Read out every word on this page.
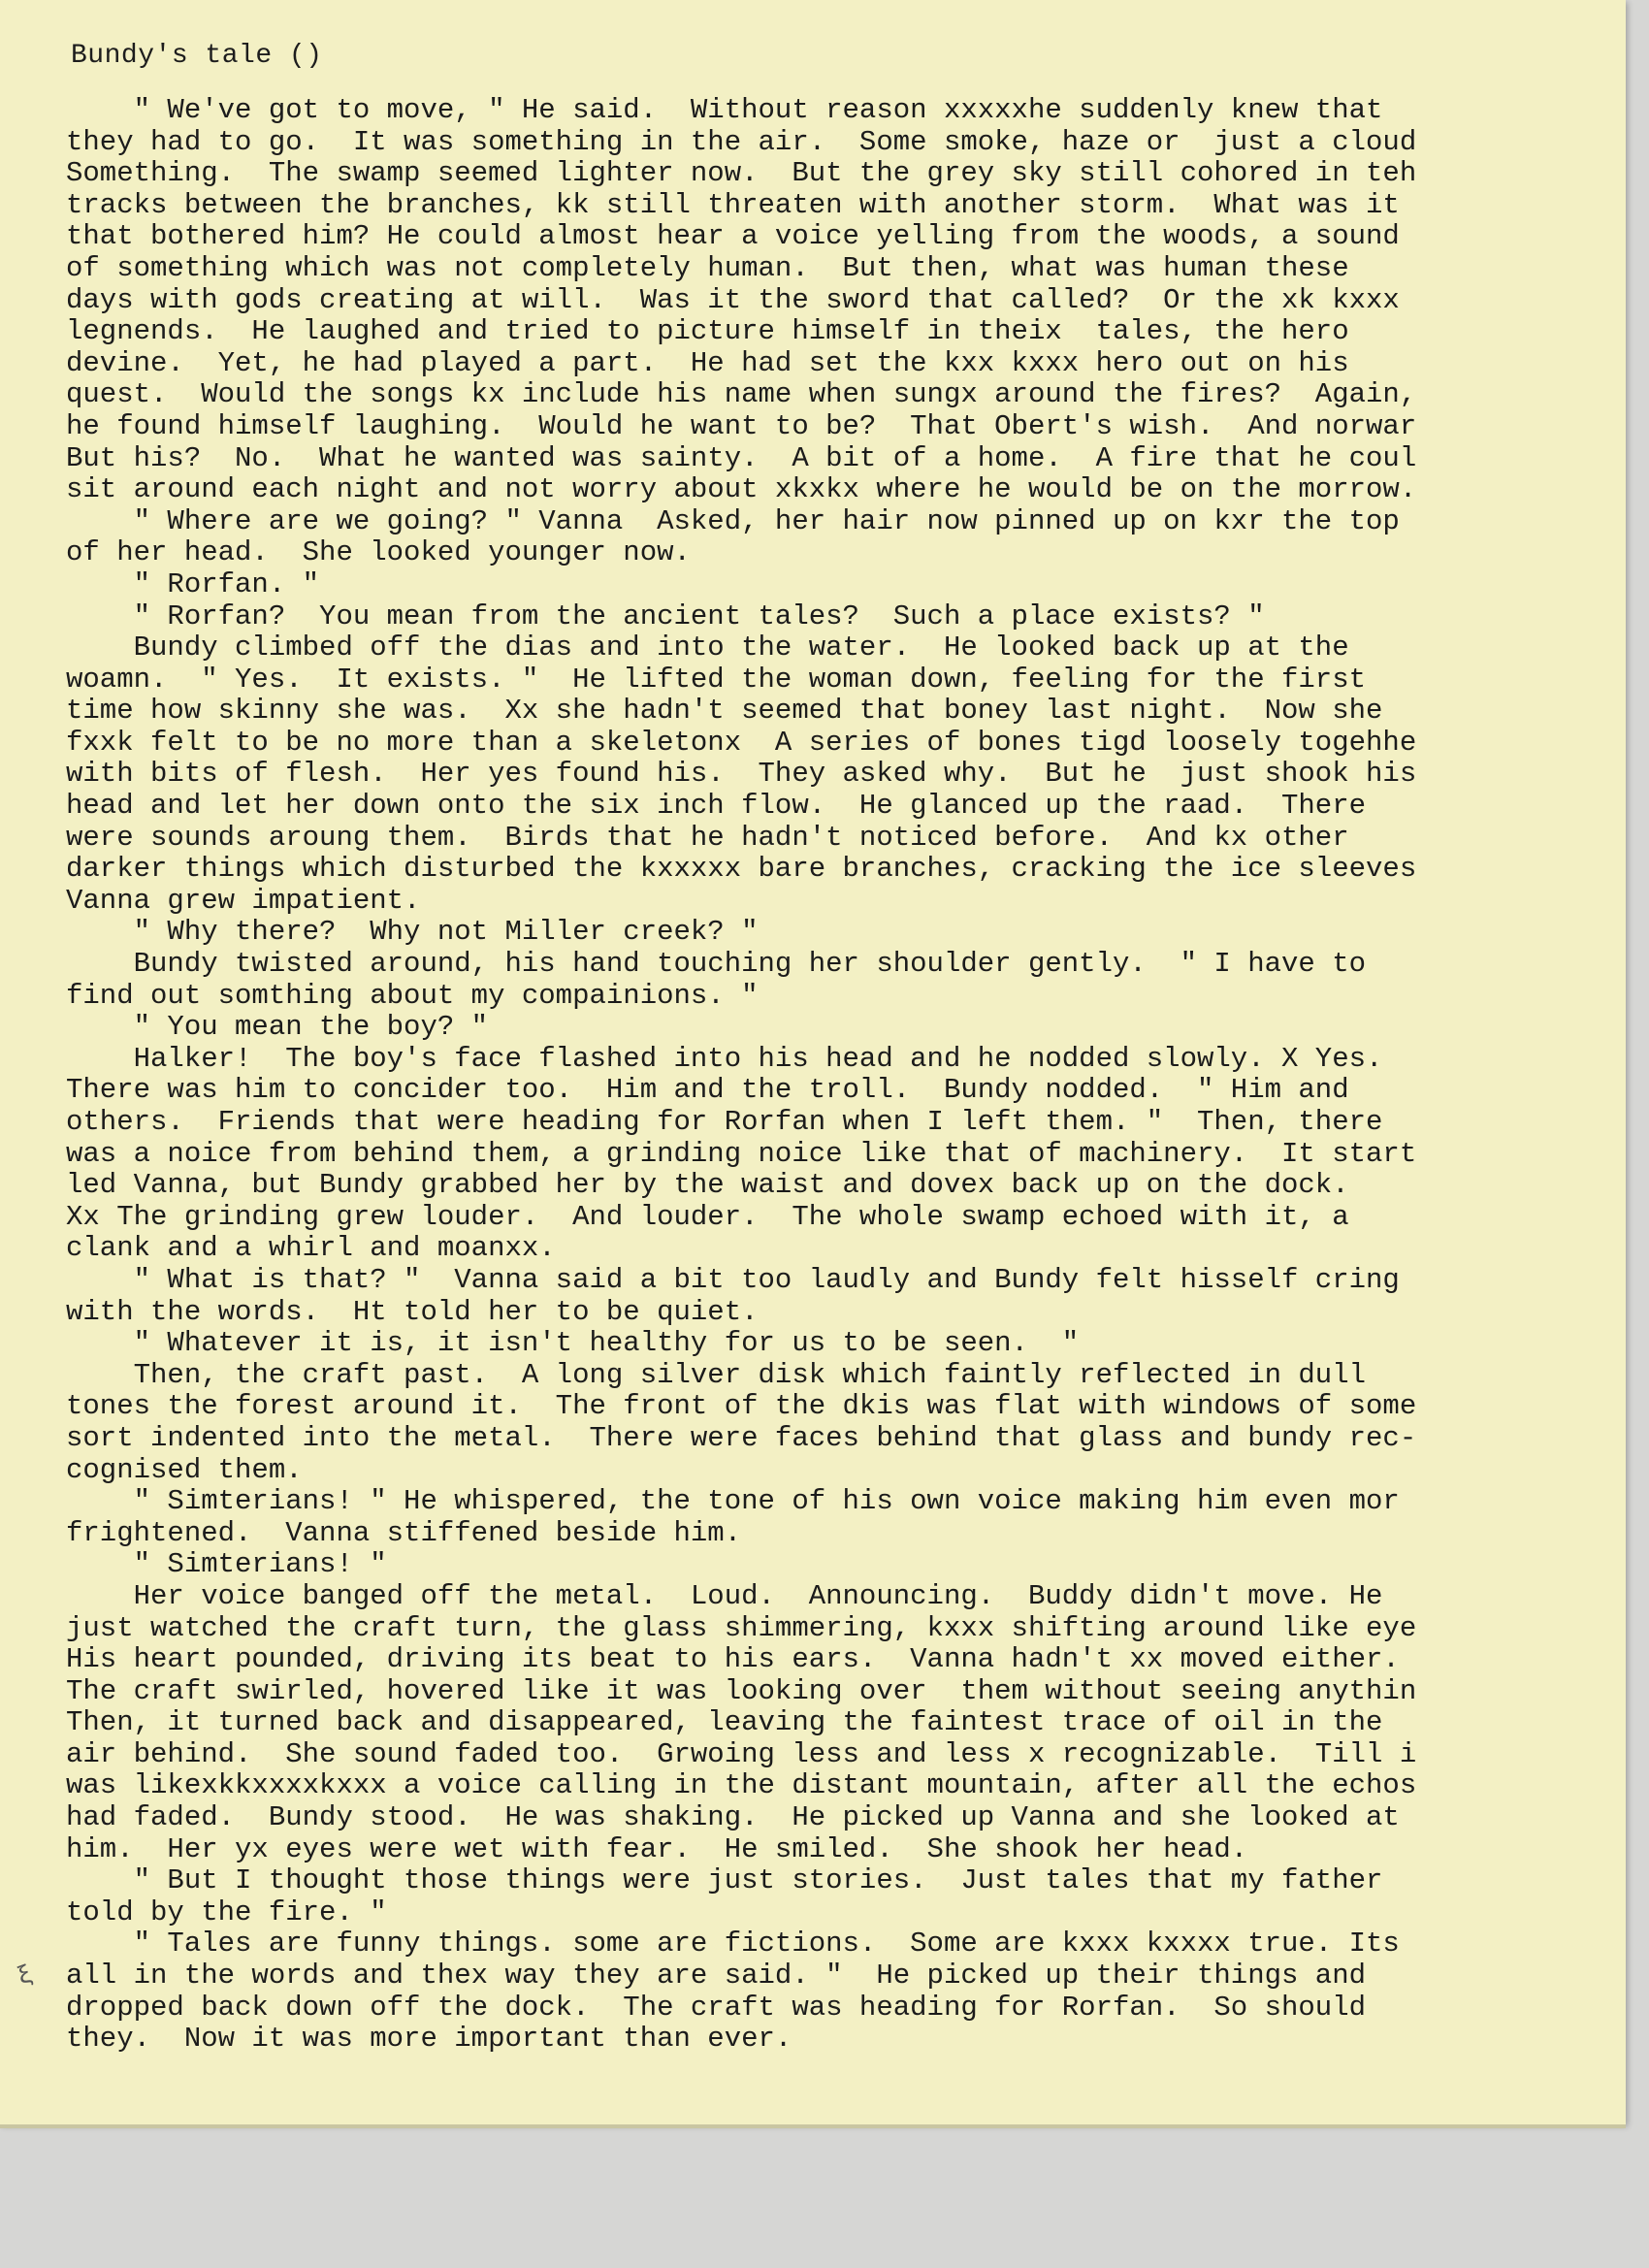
Bundy's tale ()
ξ
" We've got to move, " He said.  Without reason xxxxxhe suddenly knew that
they had to go.  It was something in the air.  Some smoke, haze or  just a cloud
Something.  The swamp seemed lighter now.  But the grey sky still cohored in teh
tracks between the branches, kk still threaten with another storm.  What was it
that bothered him? He could almost hear a voice yelling from the woods, a sound
of something which was not completely human.  But then, what was human these
days with gods creating at will.  Was it the sword that called?  Or the xk kxxx
legnends.  He laughed and tried to picture himself in theix  tales, the hero
devine.  Yet, he had played a part.  He had set the kxx kxxx hero out on his
quest.  Would the songs kx include his name when sungx around the fires?  Again,
he found himself laughing.  Would he want to be?  That Obert's wish.  And norwar
But his?  No.  What he wanted was sainty.  A bit of a home.  A fire that he coul
sit around each night and not worry about xkxkx where he would be on the morrow.
" Where are we going? " Vanna  Asked, her hair now pinned up on kxr the top
of her head.  She looked younger now.
" Rorfan. "
" Rorfan?  You mean from the ancient tales?  Such a place exists? "
Bundy climbed off the dias and into the water.  He looked back up at the
woamn.  " Yes.  It exists. "  He lifted the woman down, feeling for the first
time how skinny she was.  Xx she hadn't seemed that boney last night.  Now she
fxxk felt to be no more than a skeletonx  A series of bones tigd loosely togehhe
with bits of flesh.  Her yes found his.  They asked why.  But he  just shook his
head and let her down onto the six inch flow.  He glanced up the raad.  There
were sounds aroung them.  Birds that he hadn't noticed before.  And kx other
darker things which disturbed the kxxxxx bare branches, cracking the ice sleeves
Vanna grew impatient.
" Why there?  Why not Miller creek? "
Bundy twisted around, his hand touching her shoulder gently.  " I have to
find out somthing about my compainions. "
" You mean the boy? "
Halker!  The boy's face flashed into his head and he nodded slowly. X Yes.
There was him to concider too.  Him and the troll.  Bundy nodded.  " Him and
others.  Friends that were heading for Rorfan when I left them. "  Then, there
was a noice from behind them, a grinding noice like that of machinery.  It start
led Vanna, but Bundy grabbed her by the waist and dovex back up on the dock.
Xx The grinding grew louder.  And louder.  The whole swamp echoed with it, a
clank and a whirl and moanxx.
" What is that? "  Vanna said a bit too laudly and Bundy felt hisself cring
with the words.  Ht told her to be quiet.
" Whatever it is, it isn't healthy for us to be seen.  "
Then, the craft past.  A long silver disk which faintly reflected in dull
tones the forest around it.  The front of the dkis was flat with windows of some
sort indented into the metal.  There were faces behind that glass and bundy rec-
cognised them.
" Simterians! " He whispered, the tone of his own voice making him even mor
frightened.  Vanna stiffened beside him.
" Simterians! "
Her voice banged off the metal.  Loud.  Announcing.  Buddy didn't move. He
just watched the craft turn, the glass shimmering, kxxx shifting around like eye
His heart pounded, driving its beat to his ears.  Vanna hadn't xx moved either.
The craft swirled, hovered like it was looking over  them without seeing anythin
Then, it turned back and disappeared, leaving the faintest trace of oil in the
air behind.  She sound faded too.  Grwoing less and less x recognizable.  Till i
was likexkkxxxxkxxx a voice calling in the distant mountain, after all the echos
had faded.  Bundy stood.  He was shaking.  He picked up Vanna and she looked at
him.  Her yx eyes were wet with fear.  He smiled.  She shook her head.
" But I thought those things were just stories.  Just tales that my father
told by the fire. "
" Tales are funny things. some are fictions.  Some are kxxx kxxxx true. Its
all in the words and thex way they are said. "  He picked up their things and
dropped back down off the dock.  The craft was heading for Rorfan.  So should
they.  Now it was more important than ever.
